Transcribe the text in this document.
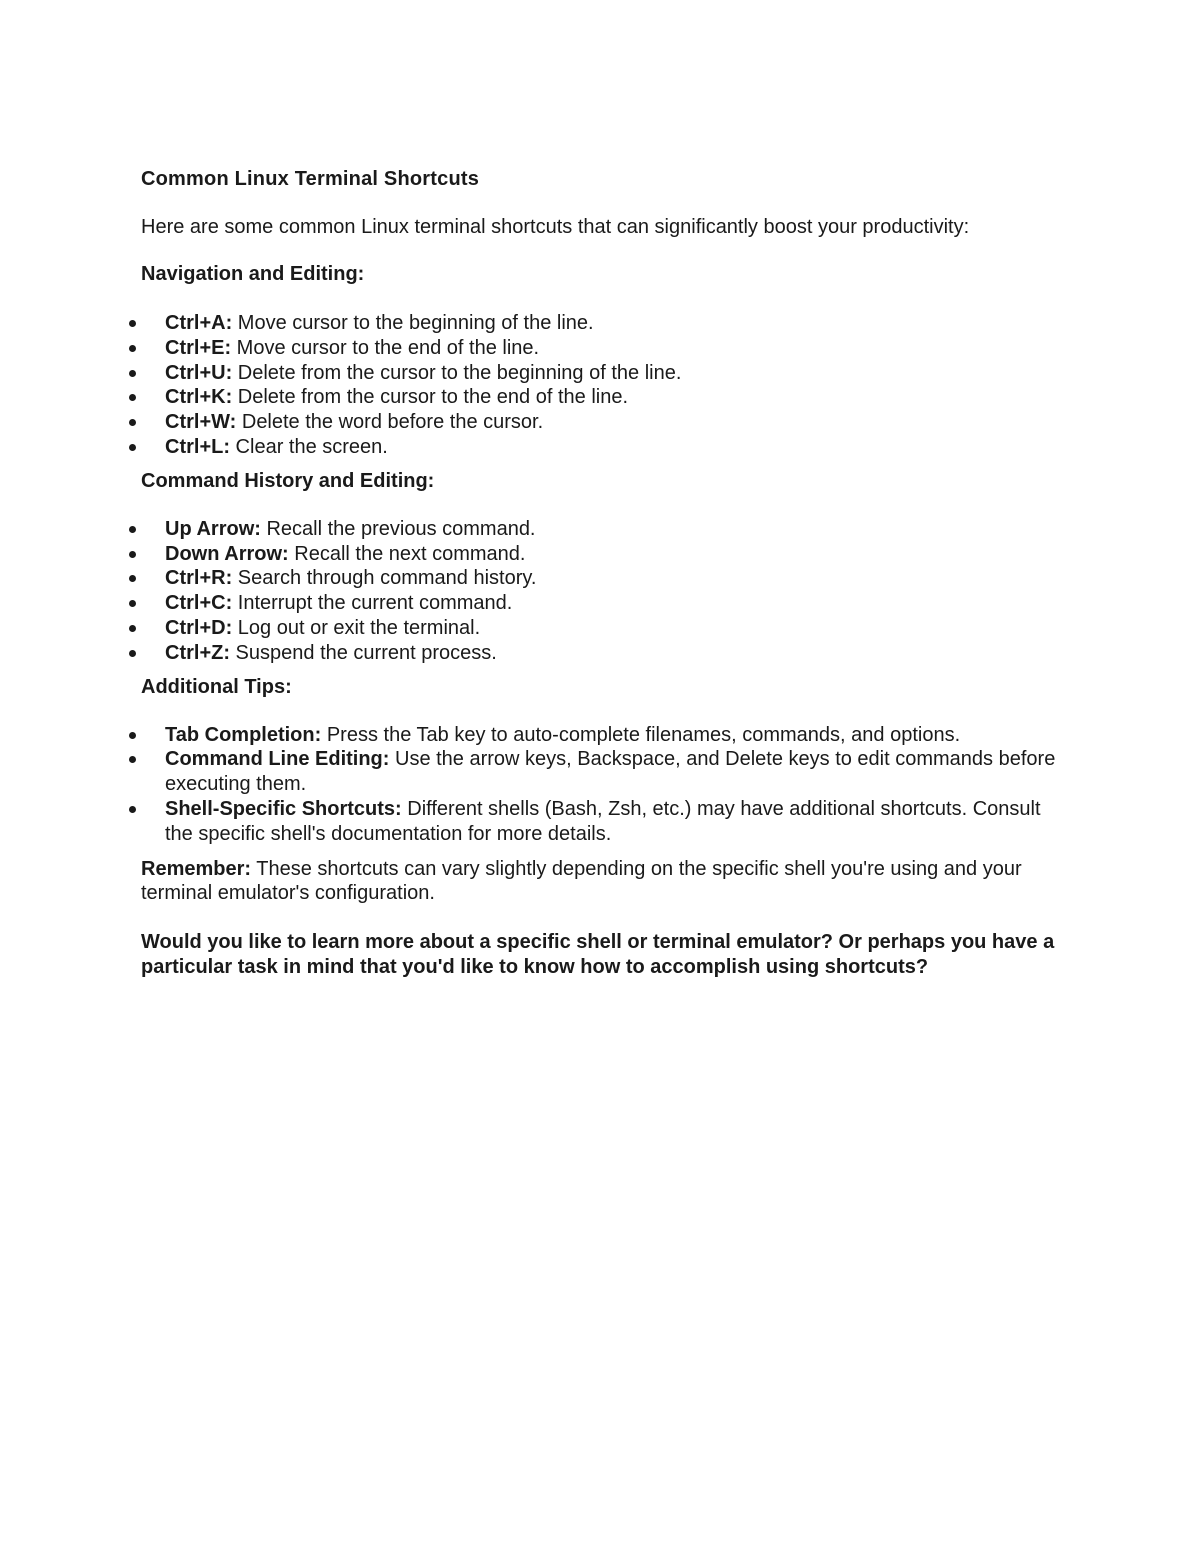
Common Linux Terminal Shortcuts

Here are some common Linux terminal shortcuts that can significantly boost your productivity:

Navigation and Editing:

Ctrl+A: Move cursor to the beginning of the line.
Ctrl+E: Move cursor to the end of the line.
Ctrl+U: Delete from the cursor to the beginning of the line.
Ctrl+K: Delete from the cursor to the end of the line.
Ctrl+W: Delete the word before the cursor.
Ctrl+L: Clear the screen.

Command History and Editing:

Up Arrow: Recall the previous command.
Down Arrow: Recall the next command.
Ctrl+R: Search through command history.
Ctrl+C: Interrupt the current command.
Ctrl+D: Log out or exit the terminal.
Ctrl+Z: Suspend the current process.

Additional Tips:

Tab Completion: Press the Tab key to auto-complete filenames, commands, and options.
Command Line Editing: Use the arrow keys, Backspace, and Delete keys to edit commands before executing them.
Shell-Specific Shortcuts: Different shells (Bash, Zsh, etc.) may have additional shortcuts. Consult the specific shell's documentation for more details.

Remember: These shortcuts can vary slightly depending on the specific shell you're using and your terminal emulator's configuration.

Would you like to learn more about a specific shell or terminal emulator? Or perhaps you have a particular task in mind that you'd like to know how to accomplish using shortcuts?
